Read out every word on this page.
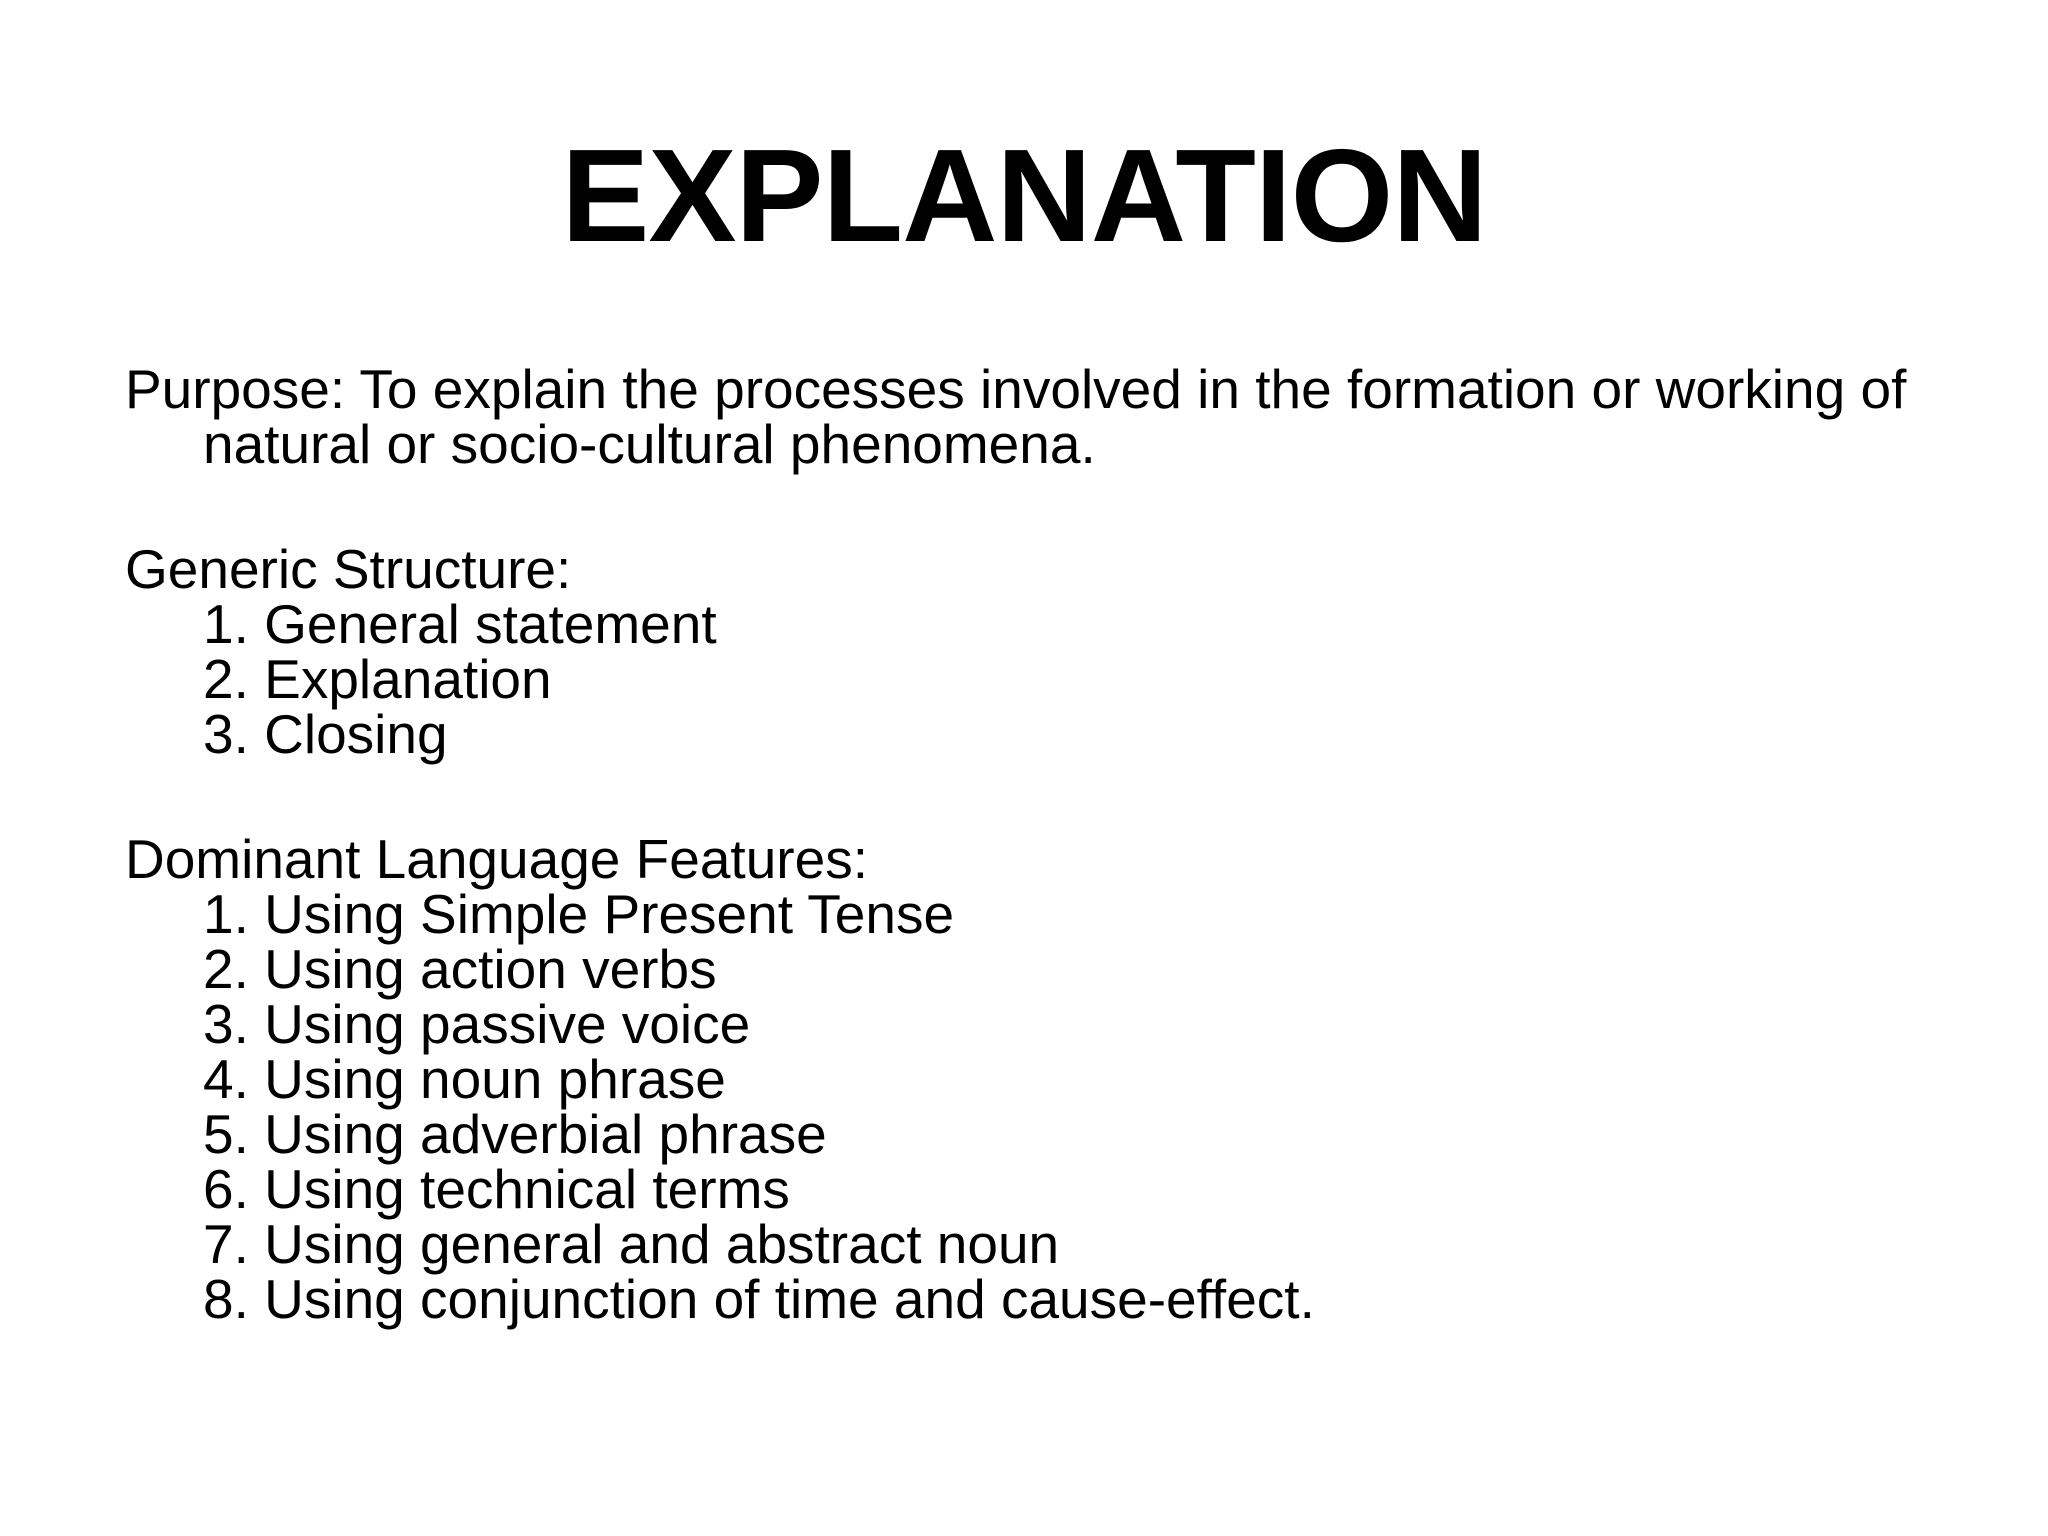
EXPLANATION

Purpose: To explain the processes involved in the formation or working of natural or socio-cultural phenomena.

Generic Structure:

1. General statement

2. Explanation

3. Closing

Dominant Language Features:

1. Using Simple Present Tense

2. Using action verbs

3. Using passive voice

4. Using noun phrase

5. Using adverbial phrase

6. Using technical terms

7. Using general and abstract noun

8. Using conjunction of time and cause-effect.
